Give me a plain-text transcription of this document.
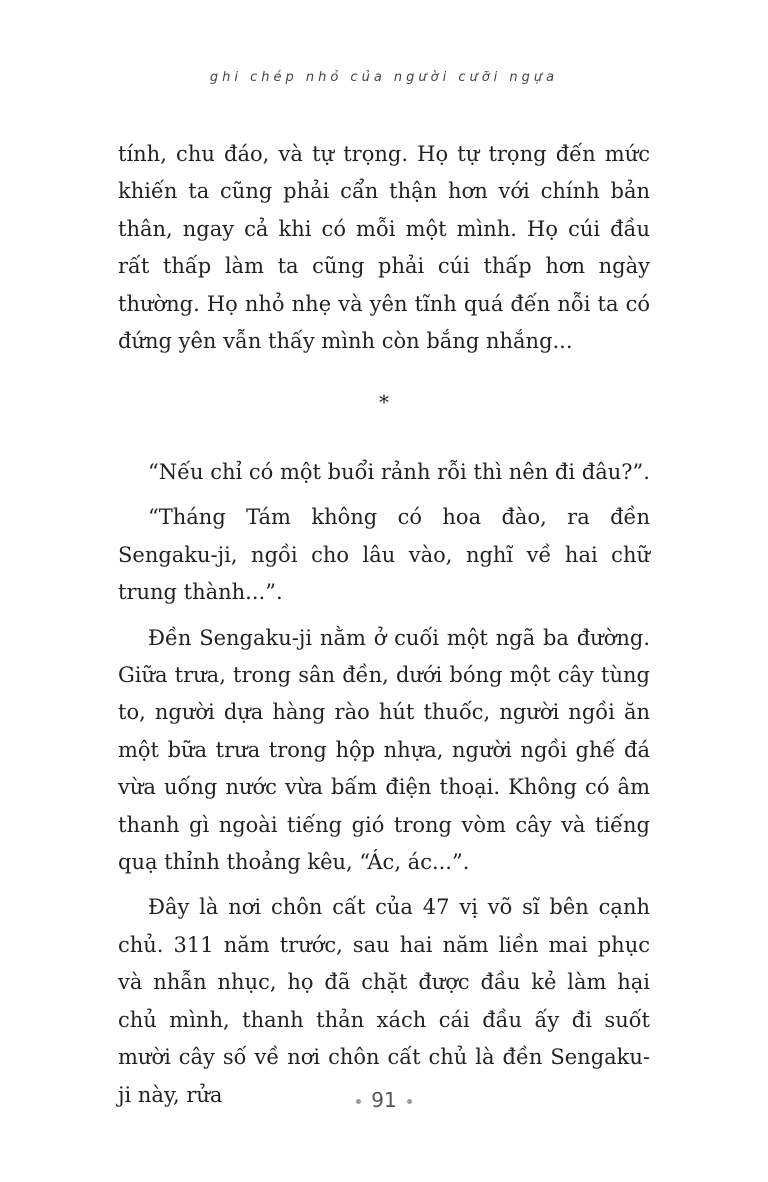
ghi chép nhỏ của người cưỡi ngựa

tính, chu đáo, và tự trọng. Họ tự trọng đến mức khiến ta cũng phải cẩn thận hơn với chính bản thân, ngay cả khi có mỗi một mình. Họ cúi đầu rất thấp làm ta cũng phải cúi thấp hơn ngày thường. Họ nhỏ nhẹ và yên tĩnh quá đến nỗi ta có đứng yên vẫn thấy mình còn bắng nhắng...

*

“Nếu chỉ có một buổi rảnh rỗi thì nên đi đâu?”.

“Tháng Tám không có hoa đào, ra đền Sengaku-ji, ngồi cho lâu vào, nghĩ về hai chữ trung thành...”.

Đền Sengaku-ji nằm ở cuối một ngã ba đường. Giữa trưa, trong sân đền, dưới bóng một cây tùng to, người dựa hàng rào hút thuốc, người ngồi ăn một bữa trưa trong hộp nhựa, người ngồi ghế đá vừa uống nước vừa bấm điện thoại. Không có âm thanh gì ngoài tiếng gió trong vòm cây và tiếng quạ thỉnh thoảng kêu, “Ác, ác...”.

Đây là nơi chôn cất của 47 vị võ sĩ bên cạnh chủ. 311 năm trước, sau hai năm liền mai phục và nhẫn nhục, họ đã chặt được đầu kẻ làm hại chủ mình, thanh thản xách cái đầu ấy đi suốt mười cây số về nơi chôn cất chủ là đền Sengaku-ji này, rửa	91
